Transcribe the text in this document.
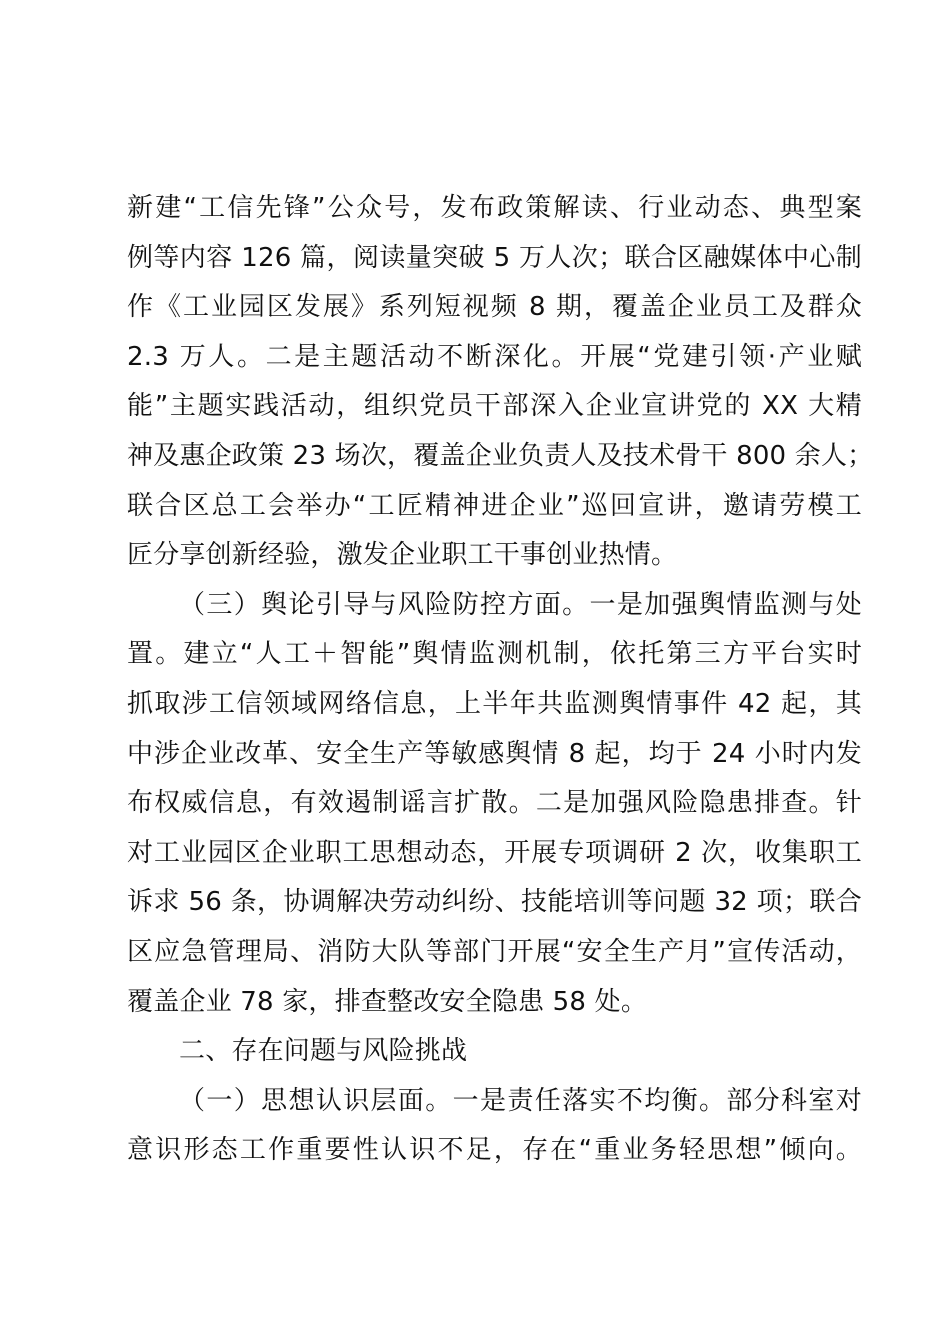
新建“工信先锋”公众号，发布政策解读、行业动态、典型案
例等内容 126 篇，阅读量突破 5 万人次；联合区融媒体中心制
作《工业园区发展》系列短视频 8 期，覆盖企业员工及群众
2.3 万人。二是主题活动不断深化。开展“党建引领·产业赋
能”主题实践活动，组织党员干部深入企业宣讲党的 XX 大精
神及惠企政策 23 场次，覆盖企业负责人及技术骨干 800 余人；
联合区总工会举办“工匠精神进企业”巡回宣讲，邀请劳模工
匠分享创新经验，激发企业职工干事创业热情。
（三）舆论引导与风险防控方面。一是加强舆情监测与处
置。建立“人工＋智能”舆情监测机制，依托第三方平台实时
抓取涉工信领域网络信息，上半年共监测舆情事件 42 起，其
中涉企业改革、安全生产等敏感舆情 8 起，均于 24 小时内发
布权威信息，有效遏制谣言扩散。二是加强风险隐患排查。针
对工业园区企业职工思想动态，开展专项调研 2 次，收集职工
诉求 56 条，协调解决劳动纠纷、技能培训等问题 32 项；联合
区应急管理局、消防大队等部门开展“安全生产月”宣传活动，
覆盖企业 78 家，排查整改安全隐患 58 处。
二、存在问题与风险挑战
（一）思想认识层面。一是责任落实不均衡。部分科室对
意识形态工作重要性认识不足，存在“重业务轻思想”倾向。
